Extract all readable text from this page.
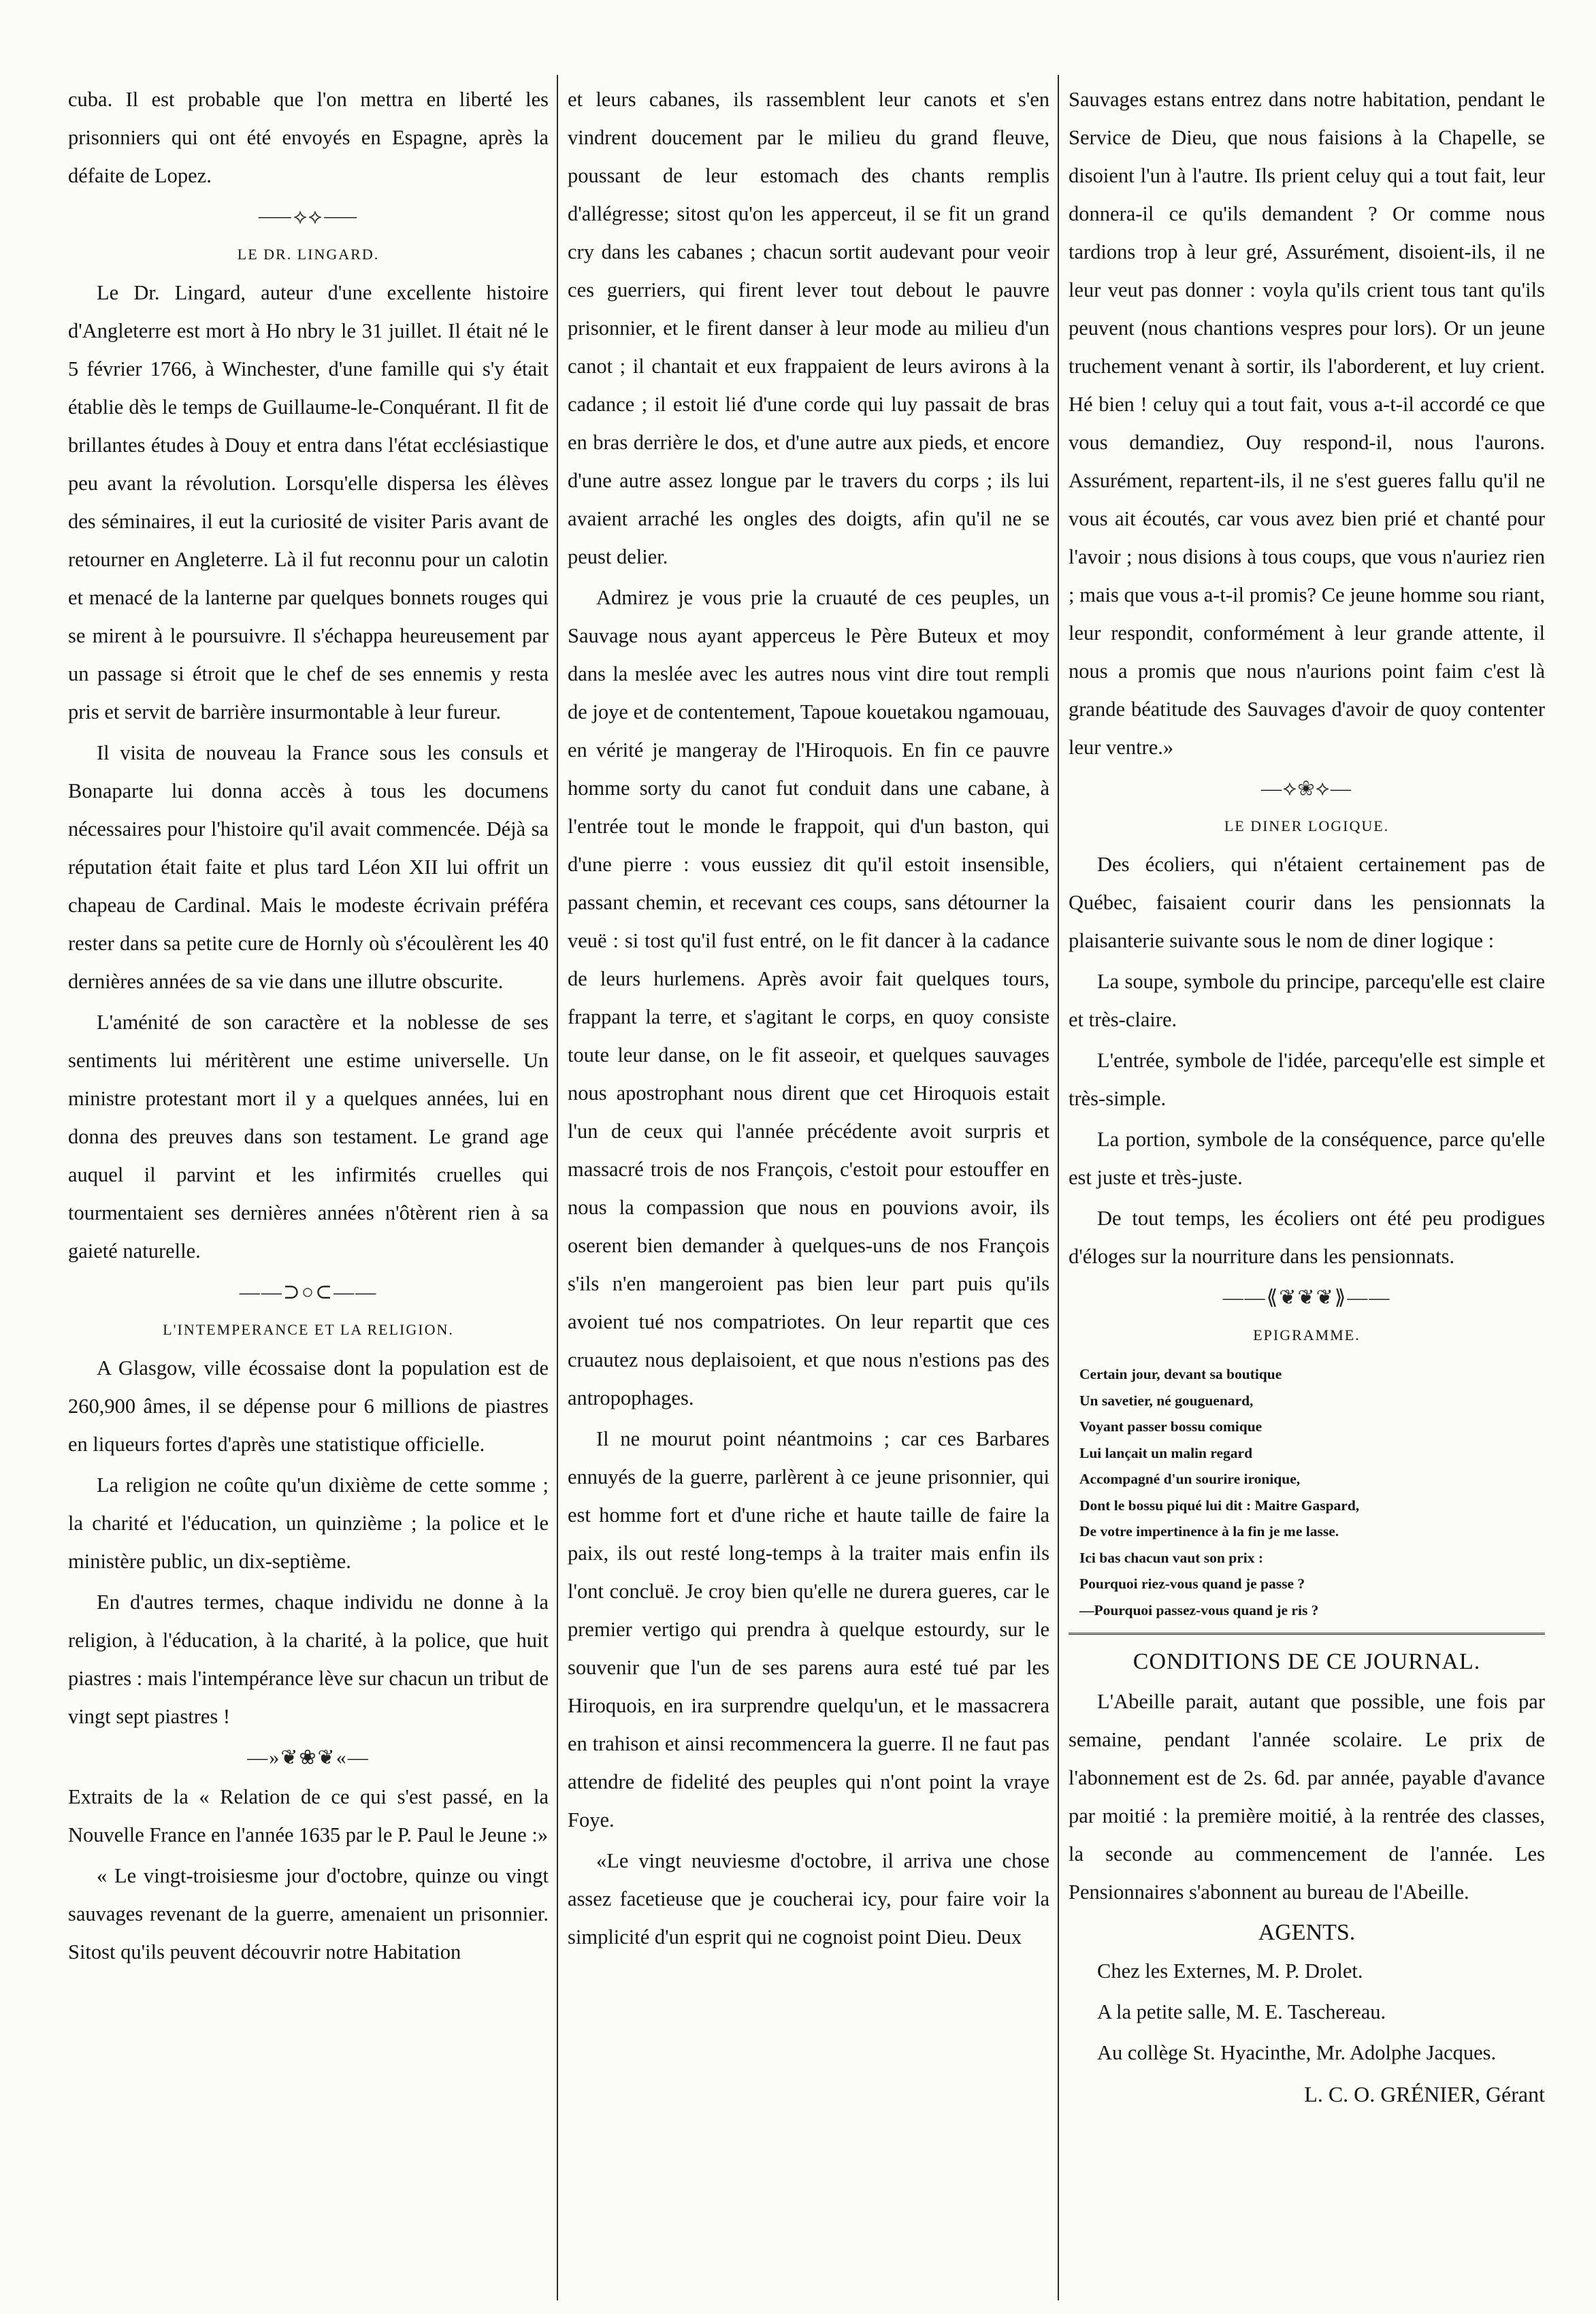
cuba. Il est probable que l'on mettra en liberté les prisonniers qui ont été envoyés en Espagne, après la défaite de Lopez.

⸺⟡⟡⸺
LE DR. LINGARD.

Le Dr. Lingard, auteur d'une excellente histoire d'Angleterre est mort à Ho nbry le 31 juillet. Il était né le 5 février 1766, à Winchester, d'une famille qui s'y était établie dès le temps de Guillaume-le-Conquérant. Il fit de brillantes études à Douy et entra dans l'état ecclésiastique peu avant la révolution. Lorsqu'elle dispersa les élèves des séminaires, il eut la curiosité de visiter Paris avant de retourner en Angleterre. Là il fut reconnu pour un calotin et menacé de la lanterne par quelques bonnets rouges qui se mirent à le poursuivre. Il s'échappa heureusement par un passage si étroit que le chef de ses ennemis y resta pris et servit de barrière insurmontable à leur fureur.

Il visita de nouveau la France sous les consuls et Bonaparte lui donna accès à tous les documens nécessaires pour l'histoire qu'il avait commencée. Déjà sa réputation était faite et plus tard Léon XII lui offrit un chapeau de Cardinal. Mais le modeste écrivain préféra rester dans sa petite cure de Hornly où s'écoulèrent les 40 dernières années de sa vie dans une illutre obscurite.

L'aménité de son caractère et la noblesse de ses sentiments lui méritèrent une estime universelle. Un ministre protestant mort il y a quelques années, lui en donna des preuves dans son testament. Le grand age auquel il parvint et les infirmités cruelles qui tourmentaient ses dernières années n'ôtèrent rien à sa gaieté naturelle.

——⊃○⊂——
L'INTEMPERANCE ET LA RELIGION.

A Glasgow, ville écossaise dont la population est de 260,900 âmes, il se dépense pour 6 millions de piastres en liqueurs fortes d'après une statistique officielle.

La religion ne coûte qu'un dixième de cette somme ; la charité et l'éducation, un quinzième ; la police et le ministère public, un dix-septième.

En d'autres termes, chaque individu ne donne à la religion, à l'éducation, à la charité, à la police, que huit piastres : mais l'intempérance lève sur chacun un tribut de vingt sept piastres !

—»❦❀❦«—

Extraits de la « Relation de ce qui s'est passé, en la Nouvelle France en l'année 1635 par le P. Paul le Jeune :»

« Le vingt-troisiesme jour d'octobre, quinze ou vingt sauvages revenant de la guerre, amenaient un prisonnier. Sitost qu'ils peuvent découvrir notre Habitation

et leurs cabanes, ils rassemblent leur canots et s'en vindrent doucement par le milieu du grand fleuve, poussant de leur estomach des chants remplis d'allégresse; sitost qu'on les apperceut, il se fit un grand cry dans les cabanes ; chacun sortit audevant pour veoir ces guerriers, qui firent lever tout debout le pauvre prisonnier, et le firent danser à leur mode au milieu d'un canot ; il chantait et eux frappaient de leurs avirons à la cadance ; il estoit lié d'une corde qui luy passait de bras en bras derrière le dos, et d'une autre aux pieds, et encore d'une autre assez longue par le travers du corps ; ils lui avaient arraché les ongles des doigts, afin qu'il ne se peust delier.

Admirez je vous prie la cruauté de ces peuples, un Sauvage nous ayant apperceus le Père Buteux et moy dans la meslée avec les autres nous vint dire tout rempli de joye et de contentement, Tapoue kouetakou ngamouau, en vérité je mangeray de l'Hiroquois. En fin ce pauvre homme sorty du canot fut conduit dans une cabane, à l'entrée tout le monde le frappoit, qui d'un baston, qui d'une pierre : vous eussiez dit qu'il estoit insensible, passant chemin, et recevant ces coups, sans détourner la veuë : si tost qu'il fust entré, on le fit dancer à la cadance de leurs hurlemens. Après avoir fait quelques tours, frappant la terre, et s'agitant le corps, en quoy consiste toute leur danse, on le fit asseoir, et quelques sauvages nous apostrophant nous dirent que cet Hiroquois estait l'un de ceux qui l'année précédente avoit surpris et massacré trois de nos François, c'estoit pour estouffer en nous la compassion que nous en pouvions avoir, ils oserent bien demander à quelques-uns de nos François s'ils n'en mangeroient pas bien leur part puis qu'ils avoient tué nos compatriotes. On leur repartit que ces cruautez nous deplaisoient, et que nous n'estions pas des antropophages.

Il ne mourut point néantmoins ; car ces Barbares ennuyés de la guerre, parlèrent à ce jeune prisonnier, qui est homme fort et d'une riche et haute taille de faire la paix, ils out resté long-temps à la traiter mais enfin ils l'ont concluë. Je croy bien qu'elle ne durera gueres, car le premier vertigo qui prendra à quelque estourdy, sur le souvenir que l'un de ses parens aura esté tué par les Hiroquois, en ira surprendre quelqu'un, et le massacrera en trahison et ainsi recommencera la guerre. Il ne faut pas attendre de fidelité des peuples qui n'ont point la vraye Foye.

«Le vingt neuviesme d'octobre, il arriva une chose assez facetieuse que je coucherai icy, pour faire voir la simplicité d'un esprit qui ne cognoist point Dieu. Deux

Sauvages estans entrez dans notre habitation, pendant le Service de Dieu, que nous faisions à la Chapelle, se disoient l'un à l'autre. Ils prient celuy qui a tout fait, leur donnera-il ce qu'ils demandent ? Or comme nous tardions trop à leur gré, Assurément, disoient-ils, il ne leur veut pas donner : voyla qu'ils crient tous tant qu'ils peuvent (nous chantions vespres pour lors). Or un jeune truchement venant à sortir, ils l'aborderent, et luy crient. Hé bien ! celuy qui a tout fait, vous a-t-il accordé ce que vous demandiez, Ouy respond-il, nous l'aurons. Assurément, repartent-ils, il ne s'est gueres fallu qu'il ne vous ait écoutés, car vous avez bien prié et chanté pour l'avoir ; nous disions à tous coups, que vous n'auriez rien ; mais que vous a-t-il promis? Ce jeune homme sou riant, leur respondit, conformément à leur grande attente, il nous a promis que nous n'aurions point faim c'est là grande béatitude des Sauvages d'avoir de quoy contenter leur ventre.»

—⟡❀⟡—
LE DINER LOGIQUE.

Des écoliers, qui n'étaient certainement pas de Québec, faisaient courir dans les pensionnats la plaisanterie suivante sous le nom de diner logique :

La soupe, symbole du principe, parcequ'elle est claire et très-claire.

L'entrée, symbole de l'idée, parcequ'elle est simple et très-simple.

La portion, symbole de la conséquence, parce qu'elle est juste et très-juste.

De tout temps, les écoliers ont été peu prodigues d'éloges sur la nourriture dans les pensionnats.

——⟪❦❦❦⟫——
EPIGRAMME.
Certain jour, devant sa boutique
Un savetier, né gouguenard,
Voyant passer bossu comique
Lui lançait un malin regard
Accompagné d'un sourire ironique,
Dont le bossu piqué lui dit : Maitre Gaspard,
De votre impertinence à la fin je me lasse.
Ici bas chacun vaut son prix :
Pourquoi riez-vous quand je passe ?
—Pourquoi passez-vous quand je ris ?
CONDITIONS DE CE JOURNAL.

L'Abeille parait, autant que possible, une fois par semaine, pendant l'année scolaire. Le prix de l'abonnement est de 2s. 6d. par année, payable d'avance par moitié : la première moitié, à la rentrée des classes, la seconde au commencement de l'année. Les Pensionnaires s'abonnent au bureau de l'Abeille.

AGENTS.

Chez les Externes, M. P. Drolet.

A la petite salle, M. E. Taschereau.

Au collège St. Hyacinthe, Mr. Adolphe Jacques.

L. C. O. GRÉNIER, Gérant
